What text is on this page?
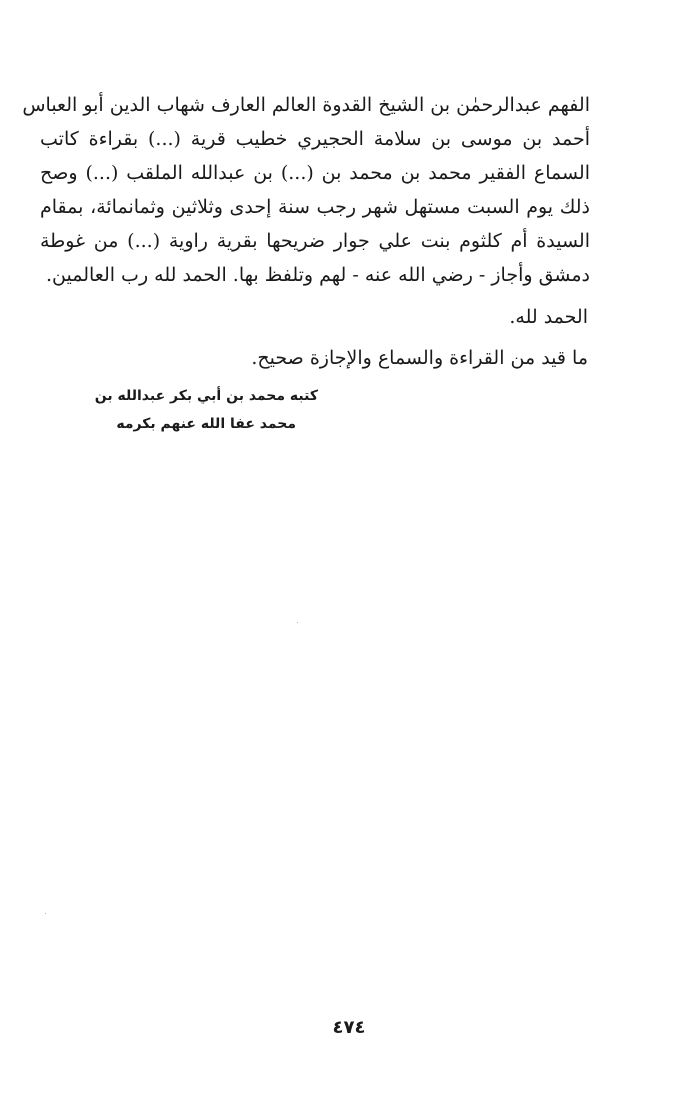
الفهم عبدالرحمٰن بن الشيخ القدوة العالم العارف شهاب الدين أبو العباس
أحمد بن موسى بن سلامة الحجيري خطيب قرية (...) بقراءة كاتب
السماع الفقير محمد بن محمد بن (...) بن عبدالله الملقب (...) وصح
ذلك يوم السبت مستهل شهر رجب سنة إحدى وثلاثين وثمانمائة، بمقام
السيدة أم كلثوم بنت علي جوار ضريحها بقرية راوية (...) من غوطة
دمشق وأجاز - رضي الله عنه - لهم وتلفظ بها. الحمد لله رب العالمين.
الحمد لله.
ما قيد من القراءة والسماع والإجازة صحيح.
كتبه محمد بن أبي بكر عبدالله بن
محمد عفا الله عنهم بكرمه
٤٧٤
